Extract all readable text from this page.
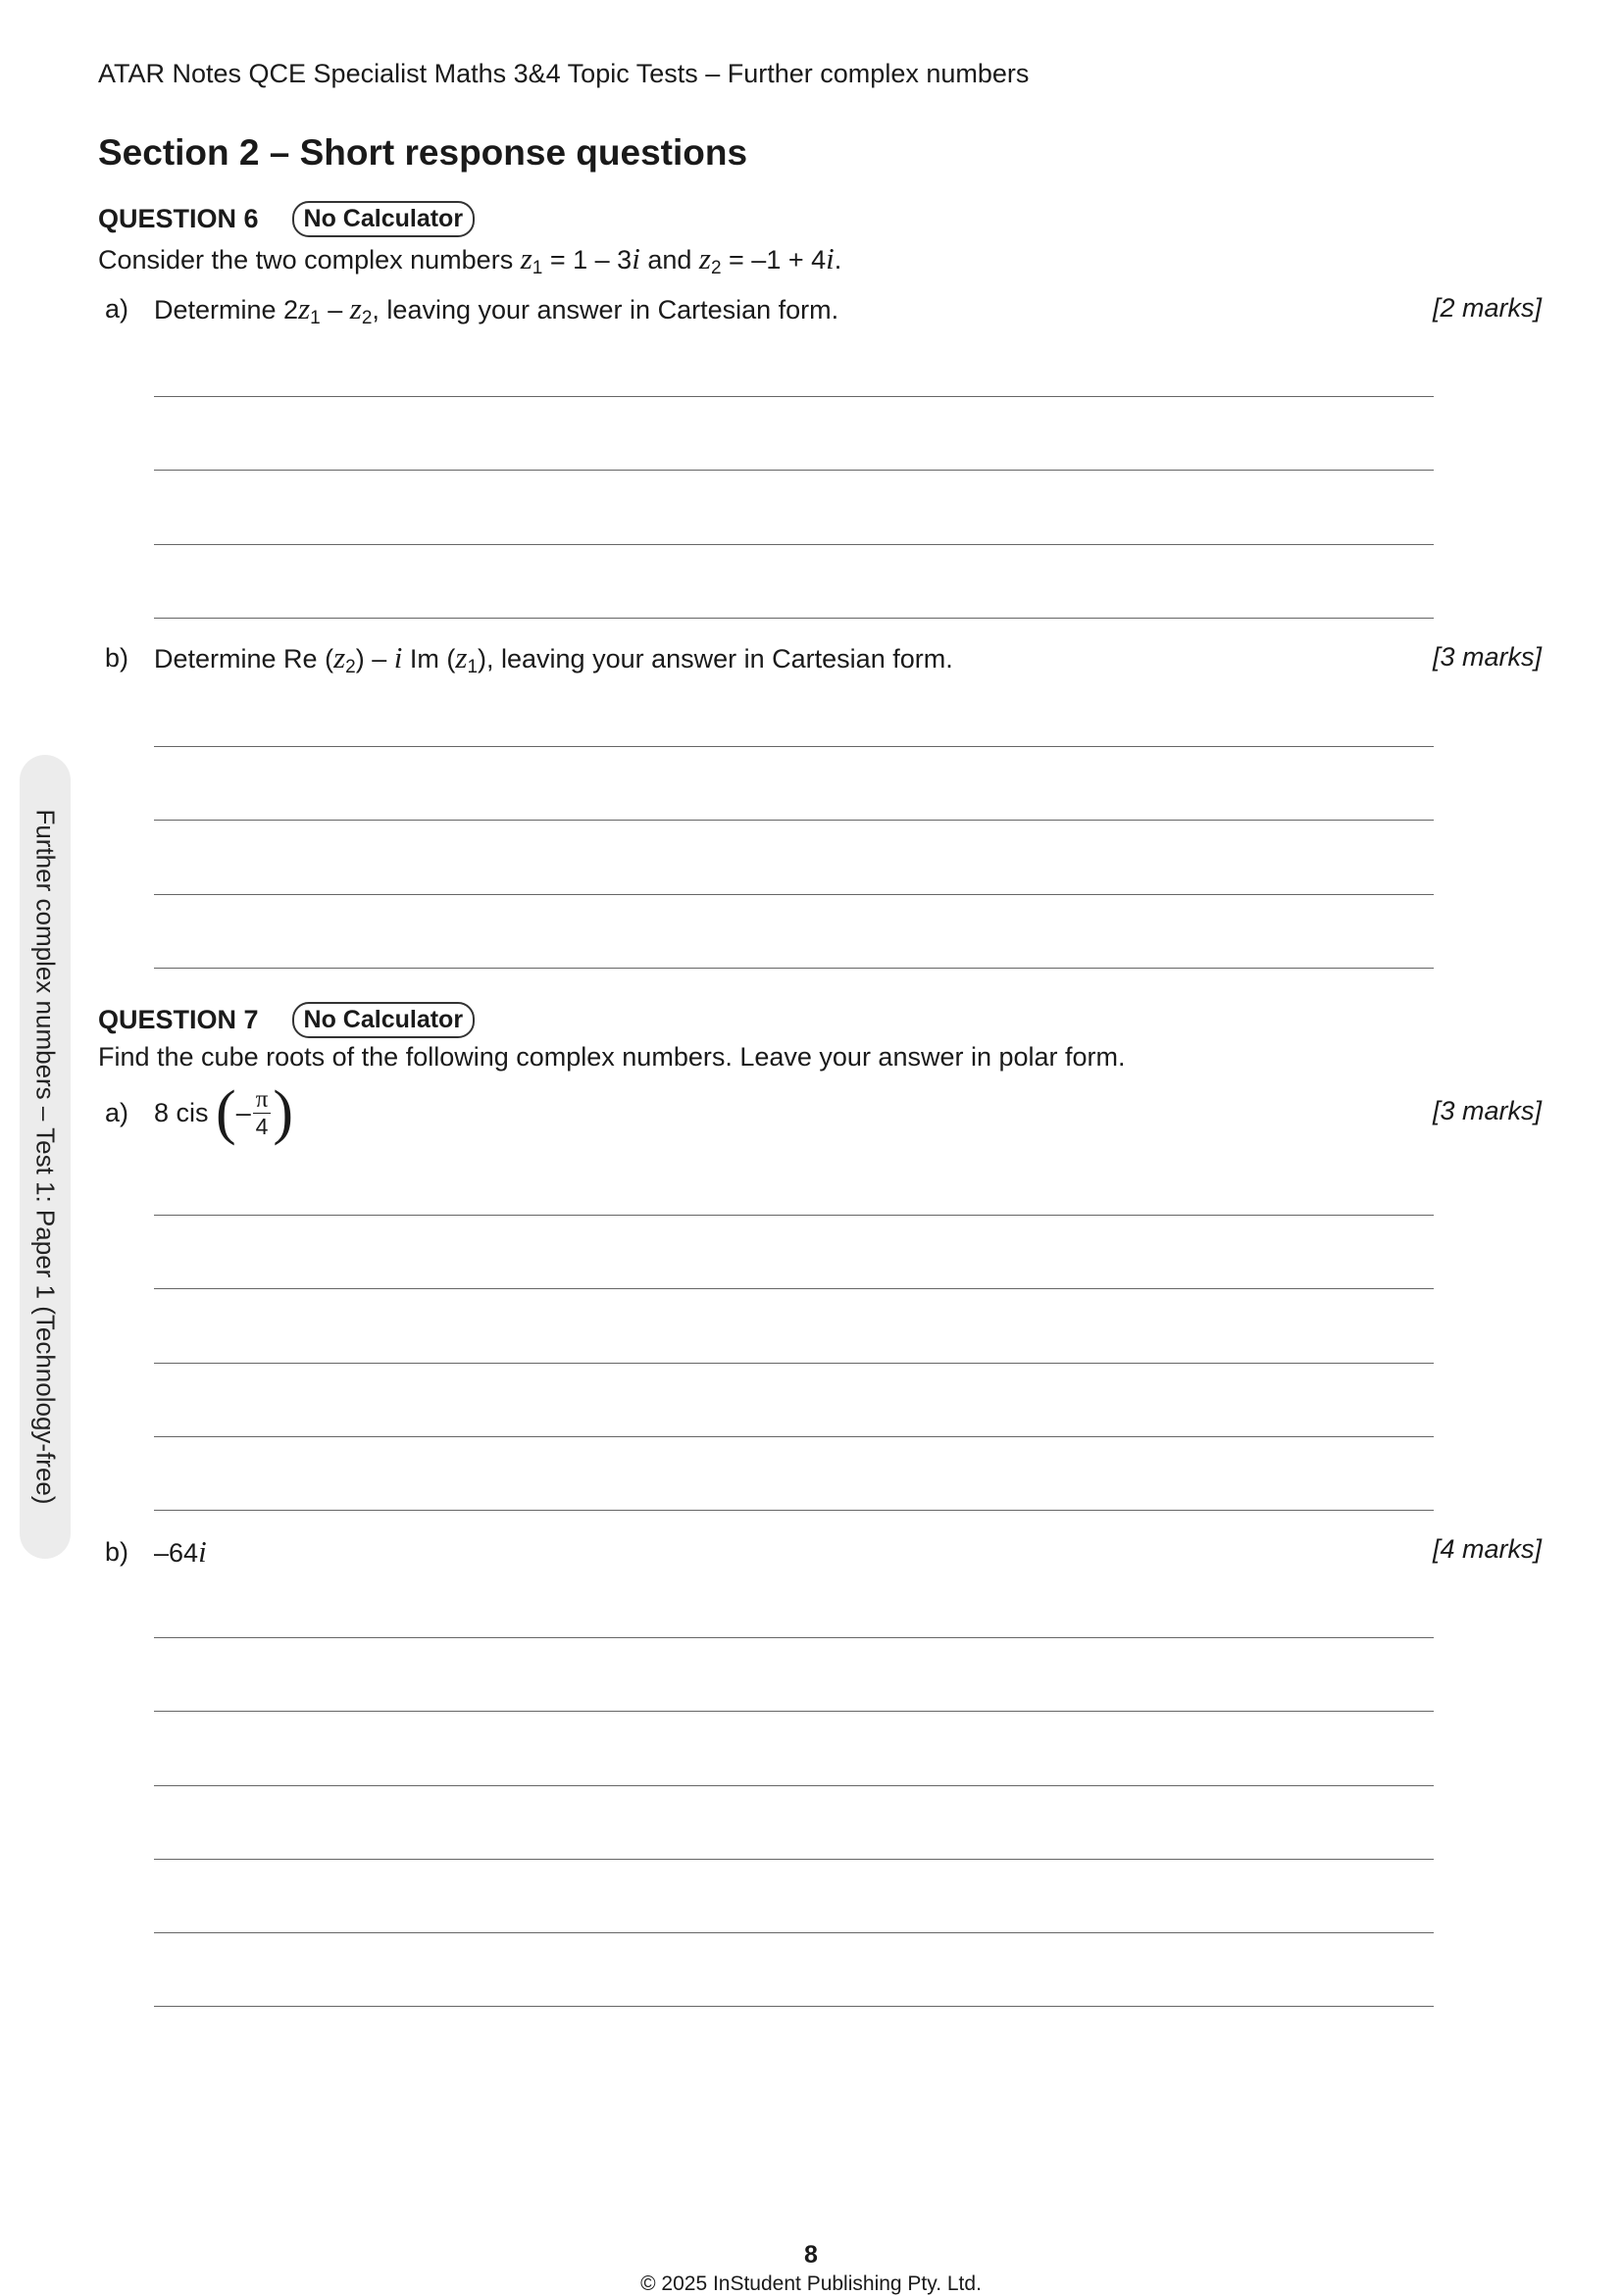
ATAR Notes QCE Specialist Maths 3&4 Topic Tests – Further complex numbers
Section 2 – Short response questions
QUESTION 6	No Calculator
Consider the two complex numbers $z_1 = 1 - 3i$ and $z_2 = -1 + 4i$.
a) Determine $2z_1 - z_2$, leaving your answer in Cartesian form.	[2 marks]
b) Determine Re $(z_2)$ – i Im $(z_1)$, leaving your answer in Cartesian form.	[3 marks]
QUESTION 7	No Calculator
Find the cube roots of the following complex numbers. Leave your answer in polar form.
a) 8 cis ( – $\frac{\pi}{4}$ )	[3 marks]
b) –64i	[4 marks]
Further complex numbers – Test 1: Paper 1 (Technology-free)
8
© 2025 InStudent Publishing Pty. Ltd.
